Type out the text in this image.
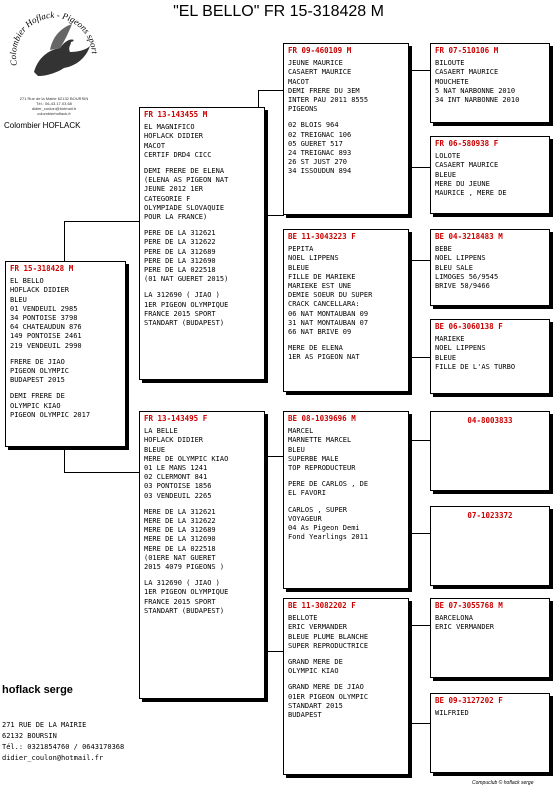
"EL BELLO" FR 15-318428 M
Colombier Hoflack - Pigeons sport
271 Rue de la Mairie 62132 BOURSIN
Tél.: 06-43.17.03.68
didier_coulon@hotmail.fr
colombierhoflack.fr
Colombier HOFLACK
FR 15-318428 M
EL BELLO
HOFLACK DIDIER
BLEU
01 VENDEUIL 2985
34 PONTOISE 3798
64 CHATEAUDUN 876
149 PONTOISE 2461
219 VENDEUIL 2990
FRERE DE JIAO
PIGEON OLYMPIC
BUDAPEST 2015
DEMI FRERE DE
OLYMPIC KIAO
PIGEON OLYMPIC 2017
FR 13-143455 M
EL MAGNIFICO
HOFLACK DIDIER
MACOT
CERTIF DRD4 CICC
DEMI FRERE DE ELENA
(ELENA AS PIGEON NAT
JEUNE 2012 1ER
CATEGORIE F
OLYMPIADE SLOVAQUIE
POUR LA FRANCE)
PERE DE LA 312621
PERE DE LA 312622
PERE DE LA 312689
PERE DE LA 312690
PERE DE LA 022518
(01 NAT GUERET 2015)
LA 312690 ( JIAO )
1ER PIGEON OLYMPIQUE
FRANCE 2015 SPORT
STANDART (BUDAPEST)
FR 13-143495 F
LA BELLE
HOFLACK DIDIER
BLEUE
MERE DE OLYMPIC KIAO
01 LE MANS 1241
02 CLERMONT 841
03 PONTOISE 1856
03 VENDEUIL 2265
MERE DE LA 312621
MERE DE LA 312622
MERE DE LA 312689
MERE DE LA 312690
MERE DE LA 022518
(01ERE NAT GUERET
2015 4079 PIGEONS )
LA 312690 ( JIAO )
1ER PIGEON OLYMPIQUE
FRANCE 2015 SPORT
STANDART (BUDAPEST)
FR 09-460109 M
JEUNE MAURICE
CASAERT MAURICE
MACOT
DEMI FRERE DU 3EM
INTER PAU 2011 8555
PIGEONS
02 BLOIS 964
02 TREIGNAC 106
05 GUERET 517
24 TREIGNAC 893
26 ST JUST 270
34 ISSOUDUN 894
BE 11-3043223 F
PEPITA
NOEL LIPPENS
BLEUE
FILLE DE MARIEKE
MARIEKE EST UNE
DEMIE SOEUR DU SUPER
CRACK CANCELLARA:
06 NAT MONTAUBAN 09
31 NAT MONTAUBAN 07
66 NAT BRIVE 09
MERE DE ELENA
1ER AS PIGEON NAT
BE 08-1039696 M
MARCEL
MARNETTE MARCEL
BLEU
SUPERBE MALE
TOP REPRODUCTEUR
PERE DE CARLOS , DE
EL FAVORI
CARLOS , SUPER
VOYAGEUR
04 As Pigeon Demi
Fond Yearlings 2011
BE 11-3082202 F
BELLOTE
ERIC VERMANDER
BLEUE PLUME BLANCHE
SUPER REPRODUCTRICE
GRAND MERE DE
OLYMPIC KIAO
GRAND MERE DE JIAO
01ER PIGEON OLYMPIC
STANDART 2015
BUDAPEST
FR 07-510106 M
BILOUTE
CASAERT MAURICE
MOUCHETE
5 NAT NARBONNE 2010
34 INT NARBONNE 2010
FR 06-580938 F
LOLOTE
CASAERT MAURICE
BLEUE
MERE DU JEUNE
MAURICE , MERE DE
BE 04-3218483 M
BEBE
NOEL LIPPENS
BLEU SALE
LIMOGES 56/9545
BRIVE 58/9466
BE 06-3060138 F
MARIEKE
NOEL LIPPENS
BLEUE
FILLE DE L'AS TURBO
04-8003833
07-1023372
BE 07-3055768 M
BARCELONA
ERIC VERMANDER
BE 09-3127202 F
WILFRIED
hoflack serge
271 RUE DE LA MAIRIE
62132 BOURSIN
Tél.: 0321854760 / 0643170368
didier_coulon@hotmail.fr
Compuclub © hoflack serge
